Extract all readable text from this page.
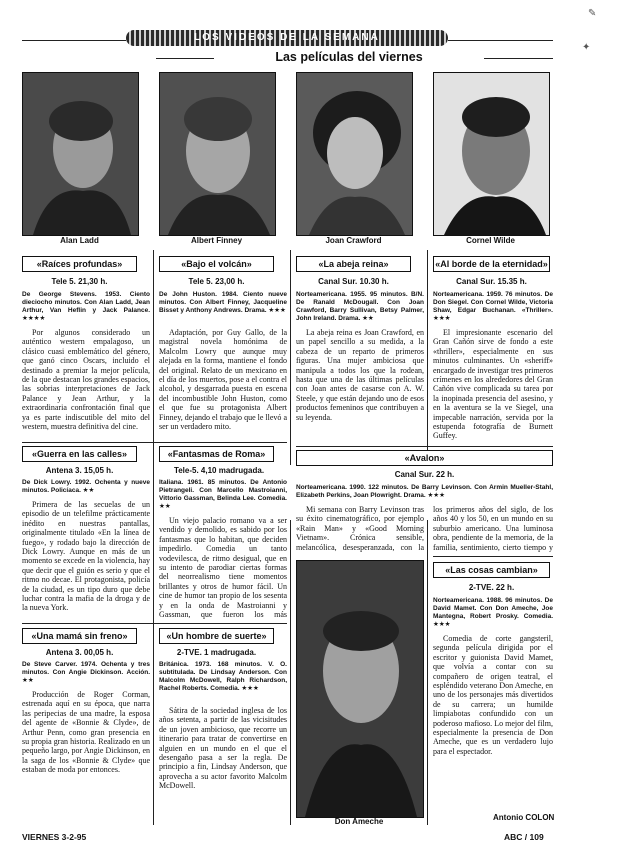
LOS VIDEOS DE LA SEMANA
Las películas del viernes
✎
✦
Alan Ladd	Albert Finney	Joan Crawford	Cornel Wilde
«Raíces profundas»
Tele 5. 21,30 h.
De George Stevens. 1953. Ciento dieciocho minutos. Con Alan Ladd, Jean Arthur, Van Heflin y Jack Palance. ★★★★
Por algunos considerado un auténtico western empalagoso, un clásico cuasi emblemático del género, que ganó cinco Oscars, incluido el destinado a premiar la mejor película, de la que destacan los grandes espacios, las sobrias interpretaciones de Jack Palance y Jean Arthur, y la extraordinaria confrontación final que ya es parte indiscutible del mito del western, muestra definitiva del cine.
«Bajo el volcán»
Tele 5. 23,00 h.
De John Huston. 1984. Ciento nueve minutos. Con Albert Finney, Jacqueline Bisset y Anthony Andrews. Drama. ★★★
Adaptación, por Guy Gallo, de la magistral novela homónima de Malcolm Lowry que aunque muy alejada en la forma, mantiene el fondo del original. Relato de un mexicano en el día de los muertos, pose a el contra el alcohol, y desgarrada puesta en escena del incombustible John Huston, como el que fue su protagonista Albert Finney, dejando el trabajo que le llevó a ser un verdadero mito.
«La abeja reina»
Canal Sur. 10.30 h.
Norteamericana. 1955. 95 minutos. B/N. De Ranald McDougall. Con Joan Crawford, Barry Sullivan, Betsy Palmer, John Ireland. Drama. ★★
La abeja reina es Joan Crawford, en un papel sencillo a su medida, a la cabeza de un reparto de primeros figuras. Una mujer ambiciosa que manipula a todos los que la rodean, hasta que una de las últimas películas con Joan antes de casarse con A. W. Steele, y que están dejando uno de esos productos femeninos que contribuyen a su leyenda.
«Al borde de la eternidad»
Canal Sur. 15.35 h.
Norteamericana. 1959. 76 minutos. De Don Siegel. Con Cornel Wilde, Victoria Shaw, Edgar Buchanan. «Thriller». ★★★
El impresionante escenario del Gran Cañón sirve de fondo a este «thriller», especialmente en sus minutos culminantes. Un «sheriff» encargado de investigar tres primeros crímenes en los alrededores del Gran Cañón vive complicada su tarea por la inopinada presencia del asesino, y en la aventura se la ve Siegel, una impecable narración, servida por la estupenda fotografía de Burnett Guffey.
«Guerra en las calles»
Antena 3. 15,05 h.
De Dick Lowry. 1992. Ochenta y nueve minutos. Policíaca. ★★
Primera de las secuelas de un episodio de un telefilme prácticamente inédito en nuestras pantallas, originalmente titulado «En la línea de fuego», y rodado bajo la dirección de Dick Lowry. Aunque en más de un momento se excede en la violencia, hay que decir que el guión es serio y que el ritmo no decae. El protagonista, policía de la ciudad, es un tipo duro que debe luchar contra la mafia de la droga y de la nueva York.
«Fantasmas de Roma»
Tele-5. 4,10 madrugada.
Italiana. 1961. 85 minutos. De Antonio Pietrangeli. Con Marcello Mastroianni, Vittorio Gassman, Belinda Lee. Comedia. ★★
Un viejo palacio romano va a ser vendido y demolido, es sabido por los fantasmas que lo habitan, que deciden impedirlo. Comedia un tanto vodevilesca, de ritmo desigual, que en su intento de parodiar ciertas formas del neorrealismo tiene momentos brillantes y otros de humor fácil. Un cine de humor tan propio de los sesenta y en la onda de Mastroianni y Gassman, que fueron los más
«Avalon»
Canal Sur. 22 h.
Norteamericana. 1990. 122 minutos. De Barry Levinson. Con Armin Mueller-Stahl, Elizabeth Perkins, Joan Plowright. Drama. ★★★
Mi semana con Barry Levinson tras su éxito cinematográfico, por ejemplo «Rain Man» y «Good Morning Vietnam». Crónica sensible, melancólica, desesperanzada, con la
los primeros años del siglo, de los años 40 y los 50, en un mundo en su suburbio americano. Una luminosa obra, pendiente de la memoria, de la familia, sentimiento, cierto tiempo y
Don Ameche
«Las cosas cambian»
2-TVE. 22 h.
Norteamericana. 1988. 96 minutos. De David Mamet. Con Don Ameche, Joe Mantegna, Robert Prosky. Comedia. ★★★
Comedia de corte gangsteril, segunda película dirigida por el escritor y guionista David Mamet, que volvía a contar con su compañero de origen teatral, el espléndido veterano Don Ameche, en uno de los personajes más divertidos de su carrera; un humilde limpiabotas confundido con un poderoso mafioso. Lo mejor del film, especialmente la presencia de Don Ameche, que es un verdadero lujo para el espectador.
Antonio COLON
«Una mamá sin freno»
Antena 3. 00,05 h.
De Steve Carver. 1974. Ochenta y tres minutos. Con Angie Dickinson. Acción. ★★
Producción de Roger Corman, estrenada aquí en su época, que narra las peripecias de una madre, la esposa del agente de «Bonnie & Clyde», de Arthur Penn, como gran presencia en su propia gran historia. Realizado en un pequeño largo, por Angie Dickinson, en la saga de los «Bonnie & Clyde» que estaban de moda por entonces.
«Un hombre de suerte»
2-TVE. 1 madrugada.
Británica. 1973. 168 minutos. V. O. subtitulada. De Lindsay Anderson. Con Malcolm McDowell, Ralph Richardson, Rachel Roberts. Comedia. ★★★
Sátira de la sociedad inglesa de los años setenta, a partir de las vicisitudes de un joven ambicioso, que recorre un itinerario para tratar de convertirse en alguien en un mundo en el que el desengaño pasa a ser la regla. De principio a fin, Lindsay Anderson, que aprovecha a su actor favorito Malcolm McDowell.
VIERNES 3-2-95	ABC / 109
